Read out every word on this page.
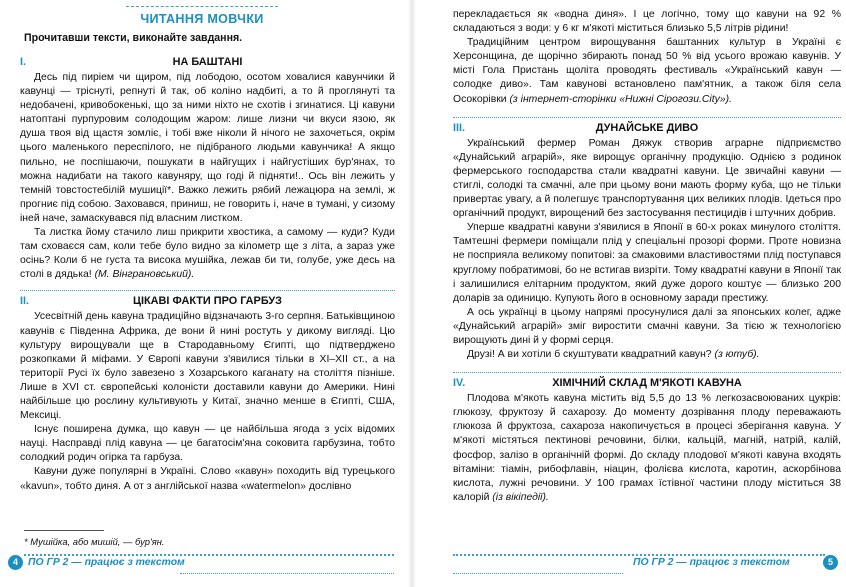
ЧИТАННЯ МОВЧКИ
Прочитавши тексти, виконайте завдання.
I.	НА БАШТАНІ

Десь під пиріем чи щиром, під лободою, осотом ховалися кавунчики й кавунці — тріснуті, репнуті й так, об коліно надбиті, а то й проглянуті та недобачені, кривобокенькі, що за ними ніхто не схотів і згинатися. Ці кавуни натоптані пурпуровим солодощим жаром: лише лизни чи вкуси язою, як душа твоя від щастя зомліє, і тобі вже ніколи й нічого не захочеться, окрім цього маленького переспілого, не підібраного людьми кавунчика! А якщо пильно, не поспішаючи, пошукати в найгущих і найгустіших бур'янах, то можна надибати на такого кавуняру, що годі й підняти!.. Ось він лежить у темній товстостебілій мушиції*. Важко лежить рябий лежацюра на землі, ж прогниє під собою. Заховався, приниш, не говорить і, наче в тумані, у сизому іней наче, замаскувався під власним листком.

Та листка йому стачило лиш прикрити хвостика, а самому — куди? Куди там сховаєся сам, коли тебе було видно за кілометр ще з літа, а зараз уже осінь? Коли б не густа та висока мушійка, лежав би ти, голубе, уже десь на столі в дядька! (М. Вінграновський).

II.	ЦІКАВІ ФАКТИ ПРО ГАРБУЗ

Усесвітній день кавуна традиційно відзначають 3-го серпня. Батьківщиною кавунів є Південна Африка, де вони й нині ростуть у дикому вигляді. Цю культуру вирощували ще в Стародавньому Єгипті, що підтверджено розкопками й міфами. У Європі кавуни з'явилися тільки в XI–XII ст., а на території Русі їх було завезено з Хозарського каганату на століття пізніше. Лише в XVI ст. європейські колоністи доставили кавуни до Америки. Нині найбільше цю рослину культивують у Китаї, значно менше в Єгипті, США, Мексиці.

Існує поширена думка, що кавун — це найбільша ягода з усіх відомих науці. Насправді плід кавуна — це багатосім'яна соковита гарбузина, тобто солодкий родич огірка та гарбуза.

Кавуни дуже популярні в Україні. Слово «кавун» походить від турецького «kavun», тобто диня. А от з англійської назва «watermelon» дослівно

* Мушійка, або мишій, — бур'ян.
4 ПО ГР 2 — працює з текстом

перекладається як «водна диня». І це логічно, тому що кавуни на 92 % складаються з води: у 6 кг м'якоті міститься близько 5,5 літрів рідини!

Традиційним центром вирощування баштанних культур в Україні є Херсонщина, де щорічно збирають понад 50 % від усього врожаю кавунів. У місті Гола Пристань щоліта проводять фестиваль «Український кавун — солодке диво». Там кавунові встановлено пам'ятник, а також біля села Осокорівки (з інтернет-сторінки «Нижні Сірогози.City»).

III.	ДУНАЙСЬКЕ ДИВО

Український фермер Роман Дяжук створив аграрне підприємство «Дунайський аграрій», яке вирощує органічну продукцію. Однією з родинок фермерського господарства стали квадратні кавуни. Це звичайні кавуни — стиглі, солодкі та смачні, але при цьому вони мають форму куба, що не тільки привертає увагу, а й полегшує транспортування цих великих плодів. Ідеться про органічний продукт, вирощений без застосування пестицидів і штучних добрив.

Уперше квадратні кавуни з'явилися в Японії в 60-х роках минулого століття. Тамтешні фермери поміщали плід у спеціальні прозорі форми. Проте новизна не посприяла великому попитові: за смаковими властивостями плід поступався круглому побратимові, бо не встигав визріти. Тому квадратні кавуни в Японії так і залишилися елітарним продуктом, який дуже дорого коштує — близько 200 доларів за одиницю. Купують його в основному заради престижу.

А ось українці в цьому напрямі просунулися далі за японських колег, адже «Дунайський аграрій» зміг виростити смачні кавуни. За тією ж технологією вирощують дині й у формі серця.

Друзі! А ви хотіли б скуштувати квадратний кавун? (з ютуб).

IV.	ХІМІЧНИЙ СКЛАД М'ЯКОТІ КАВУНА

Плодова м'якоть кавуна містить від 5,5 до 13 % легкозасвоюваних цукрів: глюкозу, фруктозу й сахарозу. До моменту дозрівання плоду переважають глюкоза й фруктоза, сахароза накопичується в процесі зберігання кавуна. У м'якоті містяться пектинові речовини, білки, кальцій, магній, натрій, калій, фосфор, залізо в органічній формі. До складу плодової м'якоті кавуна входять вітаміни: тіамін, рибофлавін, ніацин, фолієва кислота, каротин, аскорбінова кислота, лужні речовини. У 100 грамах їстівної частини плоду міститься 38 калорій (із вікіпедії).

ПО ГР 2 — працює з текстом	5
